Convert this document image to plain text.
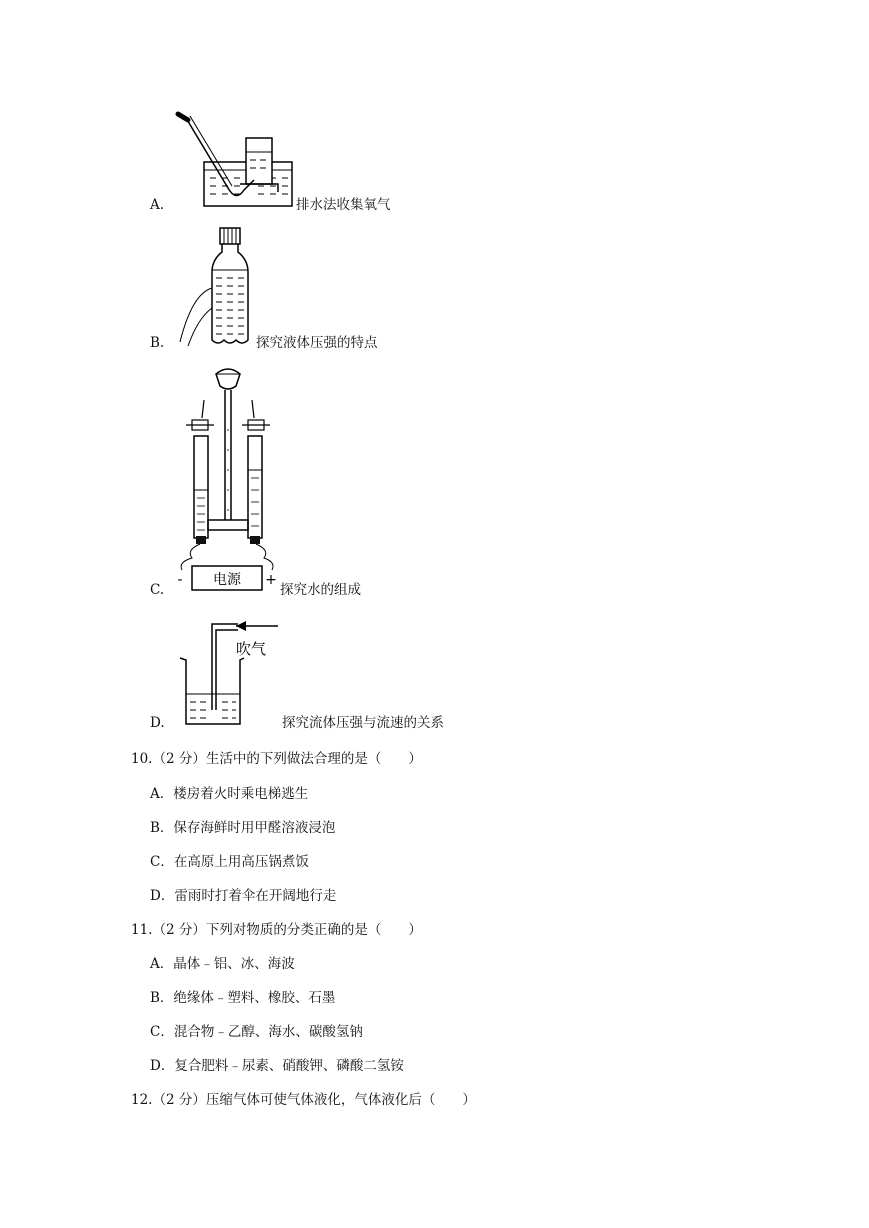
A.	排水法收集氧气
B.	探究液体压强的特点
C.
电源
-	+
探究水的组成
D.
吹气
探究流体压强与流速的关系
10.（2 分）生活中的下列做法合理的是（　　）
A．楼房着火时乘电梯逃生
B．保存海鲜时用甲醛溶液浸泡
C．在高原上用高压锅煮饭
D．雷雨时打着伞在开阔地行走
11.（2 分）下列对物质的分类正确的是（　　）
A．晶体﹣铝、冰、海波
B．绝缘体﹣塑料、橡胶、石墨
C．混合物﹣乙醇、海水、碳酸氢钠
D．复合肥料﹣尿素、硝酸钾、磷酸二氢铵
12.（2 分）压缩气体可使气体液化，气体液化后（　　）
